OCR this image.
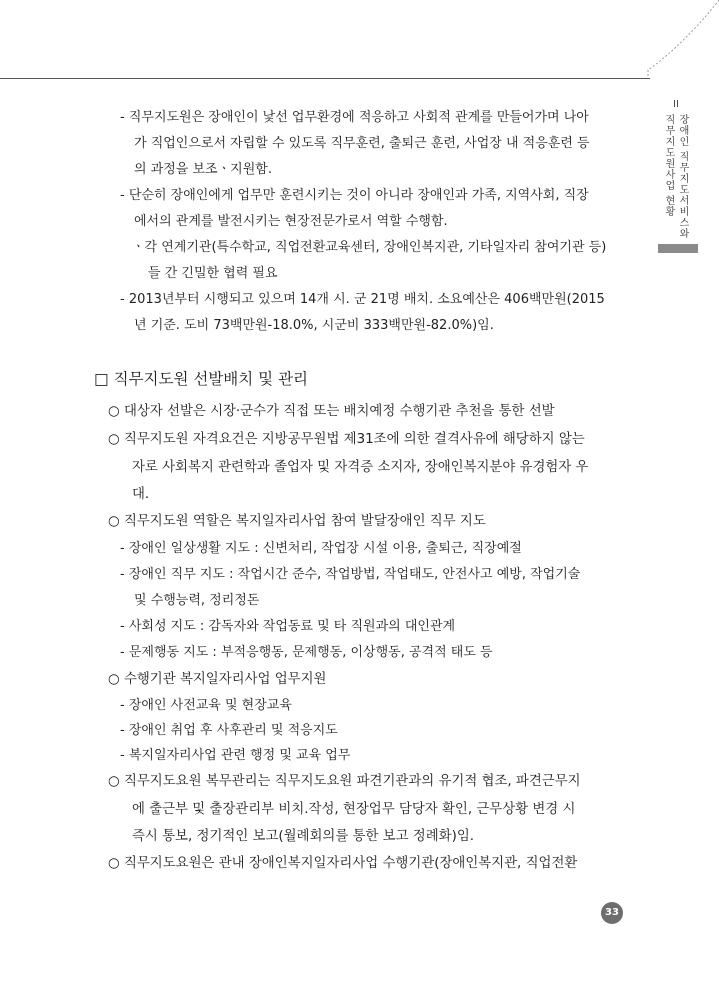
II
장애인 직무지도서비스와
직무지도원사업 현황
- 직무지도원은 장애인이 낯선 업무환경에 적응하고 사회적 관계를 만들어가며 나아
가 직업인으로서 자립할 수 있도록 직무훈련, 출퇴근 훈련, 사업장 내 적응훈련 등
의 과정을 보조ㆍ지원함.
- 단순히 장애인에게 업무만 훈련시키는 것이 아니라 장애인과 가족, 지역사회, 직장
에서의 관계를 발전시키는 현장전문가로서 역할 수행함.
ㆍ각 연계기관(특수학교, 직업전환교육센터, 장애인복지관, 기타일자리 참여기관 등)
들 간 긴밀한 협력 필요
- 2013년부터 시행되고 있으며 14개 시. 군 21명 배치. 소요예산은 406백만원(2015
년 기준. 도비 73백만원-18.0%, 시군비 333백만원-82.0%)임.
□ 직무지도원 선발배치 및 관리
○ 대상자 선발은 시장·군수가 직접 또는 배치예정 수행기관 추천을 통한 선발
○ 직무지도원 자격요건은 지방공무원법 제31조에 의한 결격사유에 해당하지 않는
자로 사회복지 관련학과 졸업자 및 자격증 소지자, 장애인복지분야 유경험자 우
대.
○ 직무지도원 역할은 복지일자리사업 참여 발달장애인 직무 지도
- 장애인 일상생활 지도 : 신변처리, 작업장 시설 이용, 출퇴근, 직장예절
- 장애인 직무 지도 : 작업시간 준수, 작업방법, 작업태도, 안전사고 예방, 작업기술
및 수행능력, 정리정돈
- 사회성 지도 : 감독자와 작업동료 및 타 직원과의 대인관계
- 문제행동 지도 : 부적응행동, 문제행동, 이상행동, 공격적 태도 등
○ 수행기관 복지일자리사업 업무지원
- 장애인 사전교육 및 현장교육
- 장애인 취업 후 사후관리 및 적응지도
- 복지일자리사업 관련 행정 및 교육 업무
○ 직무지도요원 복무관리는 직무지도요원 파견기관과의 유기적 협조, 파견근무지
에 출근부 및 출장관리부 비치.작성, 현장업무 담당자 확인, 근무상황 변경 시
즉시 통보, 정기적인 보고(월례회의를 통한 보고 정례화)임.
○ 직무지도요원은 관내 장애인복지일자리사업 수행기관(장애인복지관, 직업전환
33
